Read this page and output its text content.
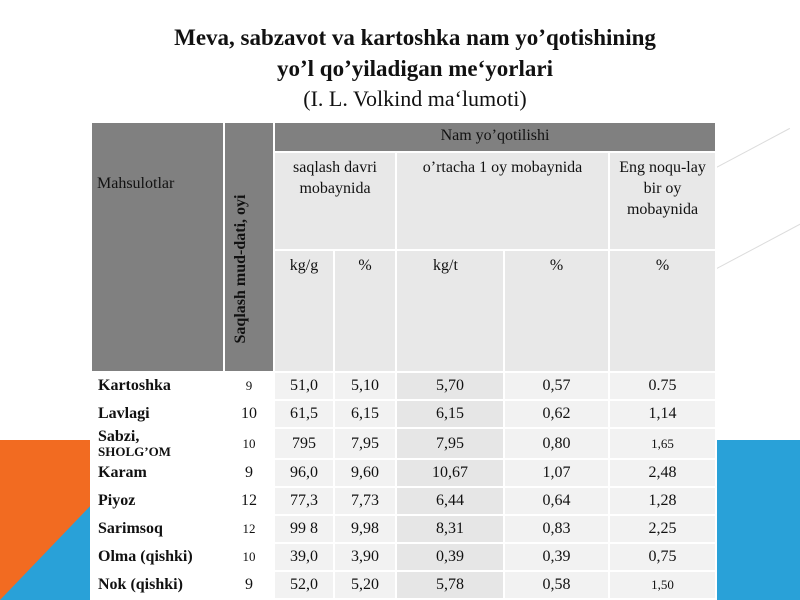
Meva, sabzavot va kartoshka nam yo’qotishining
yo’l qo’yiladigan me‘yorlari
(I. L. Volkind ma‘lumoti)
Mahsulotlar	Saqlash mud-dati, oyi	Nam yo’qotilishi				
		saqlash davri mobaynida		o’rtacha 1 oy mobaynida		Eng noqu-lay bir oy mobaynida
		kg/g	%	kg/t	%	%
Kartoshka	9	51,0	5,10	5,70	0,57	0.75
Lavlagi	10	61,5	6,15	6,15	0,62	1,14

Sabzi,
SHOLG’OM	10	795	7,95	7,95	0,80	1,65
Karam	9	96,0	9,60	10,67	1,07	2,48
Piyoz	12	77,3	7,73	6,44	0,64	1,28
Sarimsoq	12	99 8	9,98	8,31	0,83	2,25
Olma (qishki)	10	39,0	3,90	0,39	0,39	0,75
Nok (qishki)	9	52,0	5,20	5,78	0,58	1,50
